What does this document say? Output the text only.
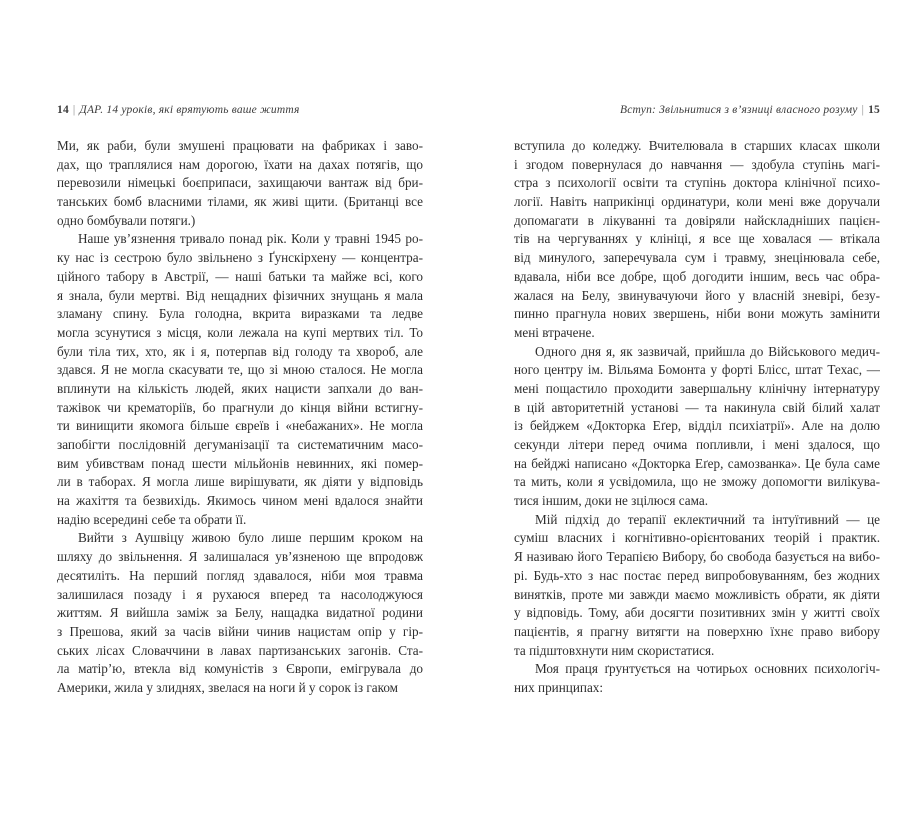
14 | ДАР. 14 уроків, які врятують ваше життя
Ми, як раби, були змушені працювати на фабриках і заво-
дах, що траплялися нам дорогою, їхати на дахах потягів, що
перевозили німецькі боєприпаси, захищаючи вантаж від бри-
танських бомб власними тілами, як живі щити. (Британці все
одно бомбували потяги.)
Наше ув’язнення тривало понад рік. Коли у травні 1945 ро-
ку нас із сестрою було звільнено з Ґунскірхену — концентра-
ційного табору в Австрії, — наші батьки та майже всі, кого
я знала, були мертві. Від нещадних фізичних знущань я мала
зламану спину. Була голодна, вкрита виразками та ледве
могла зсунутися з місця, коли лежала на купі мертвих тіл. То
були тіла тих, хто, як і я, потерпав від голоду та хвороб, але
здався. Я не могла скасувати те, що зі мною сталося. Не могла
вплинути на кількість людей, яких нацисти запхали до ван-
тажівок чи крематоріїв, бо прагнули до кінця війни встигну-
ти винищити якомога більше євреїв і «небажаних». Не могла
запобігти послідовній дегуманізації та систематичним масо-
вим убивствам понад шести мільйонів невинних, які помер-
ли в таборах. Я могла лише вирішувати, як діяти у відповідь
на жахіття та безвихідь. Якимось чином мені вдалося знайти
надію всередині себе та обрати її.
Вийти з Аушвіцу живою було лише першим кроком на
шляху до звільнення. Я залишалася ув’язненою ще впродовж
десятиліть. На перший погляд здавалося, ніби моя травма
залишилася позаду і я рухаюся вперед та насолоджуюся
життям. Я вийшла заміж за Белу, нащадка видатної родини
з Прешова, який за часів війни чинив нацистам опір у гір-
ських лісах Словаччини в лавах партизанських загонів. Ста-
ла матір’ю, втекла від комуністів з Європи, емігрувала до
Америки, жила у злиднях, звелася на ноги й у сорок із гаком
Вступ: Звільнитися з в’язниці власного розуму | 15
вступила до коледжу. Вчителювала в старших класах школи
і згодом повернулася до навчання — здобула ступінь магі-
стра з психології освіти та ступінь доктора клінічної психо-
логії. Навіть наприкінці ординатури, коли мені вже доручали
допомагати в лікуванні та довіряли найскладніших пацієн-
тів на чергуваннях у клініці, я все ще ховалася — втікала
від минулого, заперечувала сум і травму, знецінювала себе,
вдавала, ніби все добре, щоб догодити іншим, весь час обра-
жалася на Белу, звинувачуючи його у власній зневірі, безу-
пинно прагнула нових звершень, ніби вони можуть замінити
мені втрачене.
Одного дня я, як зазвичай, прийшла до Військового медич-
ного центру ім. Вільяма Бомонта у форті Блісс, штат Техас, —
мені пощастило проходити завершальну клінічну інтернатуру
в цій авторитетній установі — та накинула свій білий халат
із бейджем «Докторка Еґер, відділ психіатрії». Але на долю
секунди літери перед очима попливли, і мені здалося, що
на бейджі написано «Докторка Еґер, самозванка». Це була саме
та мить, коли я усвідомила, що не зможу допомогти вилікува-
тися іншим, доки не зцілюся сама.
Мій підхід до терапії еклектичний та інтуїтивний — це
суміш власних і когнітивно-орієнтованих теорій і практик.
Я називаю його Терапією Вибору, бо свобода базується на вибо-
рі. Будь-хто з нас постає перед випробовуванням, без жодних
винятків, проте ми завжди маємо можливість обрати, як діяти
у відповідь. Тому, аби досягти позитивних змін у житті своїх
пацієнтів, я прагну витягти на поверхню їхнє право вибору
та підштовхнути ним скористатися.
Моя праця ґрунтується на чотирьох основних психологіч-
них принципах:
